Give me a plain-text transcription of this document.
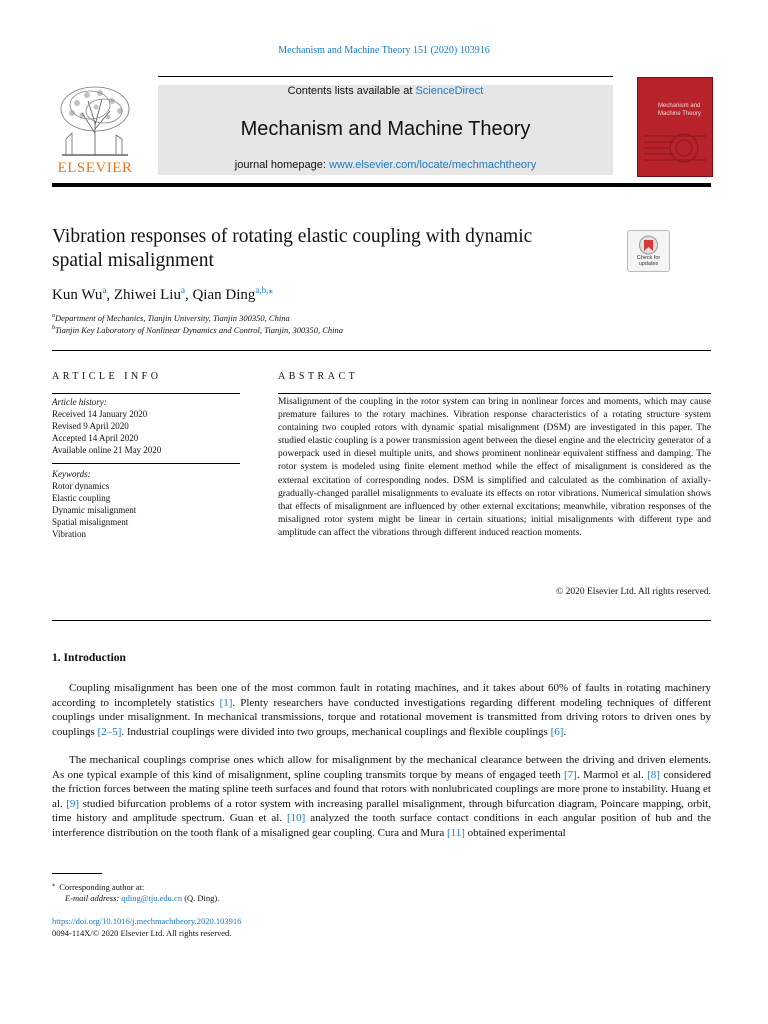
Mechanism and Machine Theory 151 (2020) 103916
ELSEVIER
Contents lists available at ScienceDirect
Mechanism and Machine Theory
journal homepage: www.elsevier.com/locate/mechmachtheory
Mechanism and
Machine Theory
Vibration responses of rotating elastic coupling with dynamic
spatial misalignment	Check for
updates
Kun Wu$^a$, Zhiwei Liu$^a$, Qian Ding$^{a,b,⁎}$
$^a$Department of Mechanics, Tianjin University, Tianjin 300350, China
$^b$Tianjin Key Laboratory of Nonlinear Dynamics and Control, Tianjin, 300350, China
ARTICLE INFO
Article history:
Received 14 January 2020
Revised 9 April 2020
Accepted 14 April 2020
Available online 21 May 2020
Keywords:
Rotor dynamics
Elastic coupling
Dynamic misalignment
Spatial misalignment
Vibration
ABSTRACT
Misalignment of the coupling in the rotor system can bring in nonlinear forces and moments, which may cause premature failures to the rotary machines. Vibration response characteristics of a rotating structure system containing two coupled rotors with dynamic spatial misalignment (DSM) are investigated in this paper. The studied elastic coupling is a power transmission agent between the diesel engine and the electricity generator of a powerpack used in diesel multiple units, and shows prominent nonlinear equivalent stiffness and damping. The rotor system is modeled using finite element method while the effect of misalignment is considered as the external excitation of corresponding nodes. DSM is simplified and calculated as the combination of axially-gradually-changed parallel misalignments to evaluate its effects on rotor vibrations. Numerical simulation shows that effects of misalignment are influenced by other external excitations; meanwhile, vibration responses of the misaligned rotor system might be linear in certain situations; initial misalignments with different type and amplitude can affect the vibrations through different induced reaction moments.
© 2020 Elsevier Ltd. All rights reserved.
1. Introduction
Coupling misalignment has been one of the most common fault in rotating machines, and it takes about 60% of faults in rotating machinery according to incompletely statistics [1]. Plenty researchers have conducted investigations regarding different modeling techniques of different couplings under misalignment. In mechanical transmissions, torque and rotational movement is transmitted from driving rotors to driven ones by couplings [2–5]. Industrial couplings were divided into two groups, mechanical couplings and flexible couplings [6].
The mechanical couplings comprise ones which allow for misalignment by the mechanical clearance between the driving and driven elements. As one typical example of this kind of misalignment, spline coupling transmits torque by means of engaged teeth [7]. Marmol et al. [8] considered the friction forces between the mating spline teeth surfaces and found that rotors with nonlubricated couplings are more prone to instability. Huang et al. [9] studied bifurcation problems of a rotor system with increasing parallel misalignment, through bifurcation diagram, Poincare mapping, orbit, time history and amplitude spectrum. Guan et al. [10] analyzed the tooth surface contact conditions in each angular position of hub and the interference distribution on the tooth flank of a misaligned gear coupling. Cura and Mura [11] obtained experimental
⁎ Corresponding author at:
E-mail address: qding@tju.edu.cn (Q. Ding).
https://doi.org/10.1016/j.mechmachtheory.2020.103916
0094-114X/© 2020 Elsevier Ltd. All rights reserved.
